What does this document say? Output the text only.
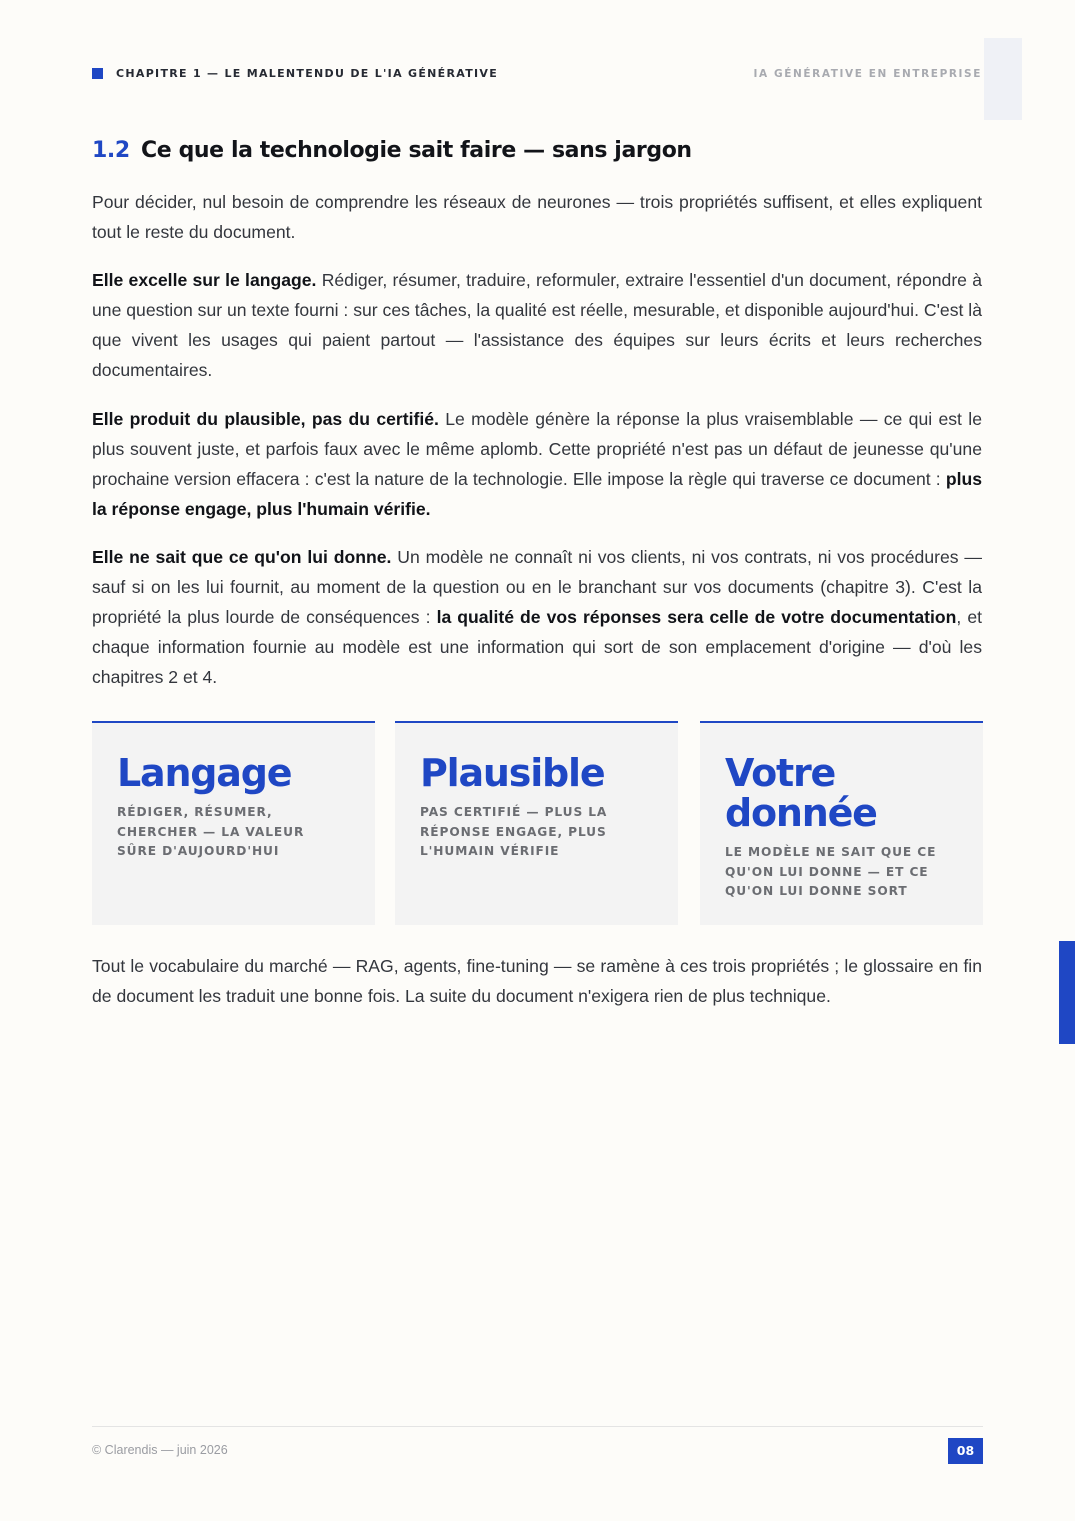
CHAPITRE 1 — LE MALENTENDU DE L'IA GÉNÉRATIVE	IA GÉNÉRATIVE EN ENTREPRISE
1.2 Ce que la technologie sait faire — sans jargon

Pour décider, nul besoin de comprendre les réseaux de neurones — trois propriétés suffisent, et elles expliquent tout le reste du document.

Elle excelle sur le langage. Rédiger, résumer, traduire, reformuler, extraire l'essentiel d'un document, répondre à une question sur un texte fourni : sur ces tâches, la qualité est réelle, mesurable, et disponible aujourd'hui. C'est là que vivent les usages qui paient partout — l'assistance des équipes sur leurs écrits et leurs recherches documentaires.

Elle produit du plausible, pas du certifié. Le modèle génère la réponse la plus vraisemblable — ce qui est le plus souvent juste, et parfois faux avec le même aplomb. Cette propriété n'est pas un défaut de jeunesse qu'une prochaine version effacera : c'est la nature de la technologie. Elle impose la règle qui traverse ce document : plus la réponse engage, plus l'humain vérifie.

Elle ne sait que ce qu'on lui donne. Un modèle ne connaît ni vos clients, ni vos contrats, ni vos procédures — sauf si on les lui fournit, au moment de la question ou en le branchant sur vos documents (chapitre 3). C'est la propriété la plus lourde de conséquences : la qualité de vos réponses sera celle de votre documentation, et chaque information fournie au modèle est une information qui sort de son emplacement d'origine — d'où les chapitres 2 et 4.

Langage
RÉDIGER, RÉSUMER, CHERCHER — LA VALEUR SÛRE D'AUJOURD'HUI
Plausible
PAS CERTIFIÉ — PLUS LA RÉPONSE ENGAGE, PLUS L'HUMAIN VÉRIFIE
Votre donnée
LE MODÈLE NE SAIT QUE CE QU'ON LUI DONNE — ET CE QU'ON LUI DONNE SORT

Tout le vocabulaire du marché — RAG, agents, fine-tuning — se ramène à ces trois propriétés ; le glossaire en fin de document les traduit une bonne fois. La suite du document n'exigera rien de plus technique.

© Clarendis — juin 2026	08
